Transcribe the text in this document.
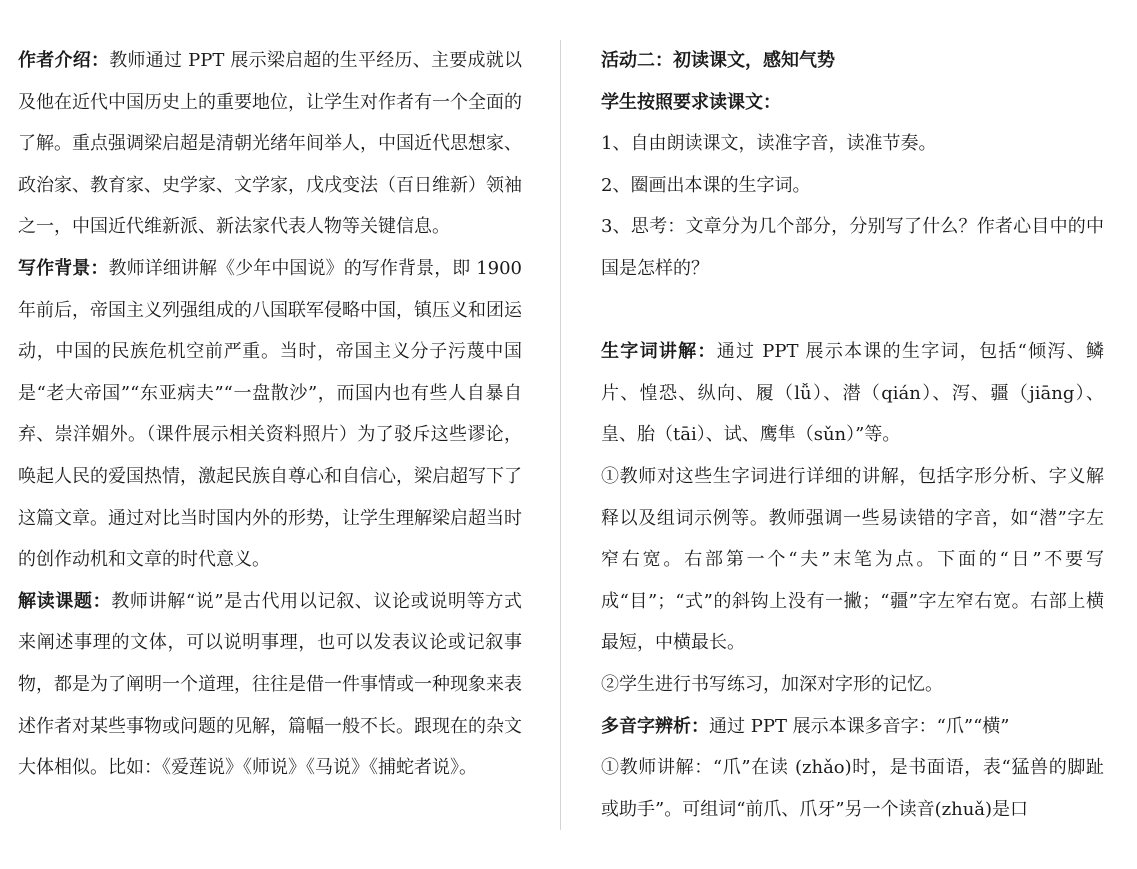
作者介绍：教师通过 PPT 展示梁启超的生平经历、主要成就以及他在近代中国历史上的重要地位，让学生对作者有一个全面的了解。重点强调梁启超是清朝光绪年间举人，中国近代思想家、政治家、教育家、史学家、文学家，戊戌变法（百日维新）领袖之一，中国近代维新派、新法家代表人物等关键信息。

写作背景：教师详细讲解《少年中国说》的写作背景，即 1900 年前后，帝国主义列强组成的八国联军侵略中国，镇压义和团运动，中国的民族危机空前严重。当时，帝国主义分子污蔑中国是“老大帝国”“东亚病夫”“一盘散沙”，而国内也有些人自暴自弃、崇洋媚外。（课件展示相关资料照片）为了驳斥这些谬论，唤起人民的爱国热情，激起民族自尊心和自信心，梁启超写下了这篇文章。通过对比当时国内外的形势，让学生理解梁启超当时的创作动机和文章的时代意义。

解读课题：教师讲解“说”是古代用以记叙、议论或说明等方式来阐述事理的文体，可以说明事理，也可以发表议论或记叙事物，都是为了阐明一个道理，往往是借一件事情或一种现象来表述作者对某些事物或问题的见解，篇幅一般不长。跟现在的杂文大体相似。比如：《爱莲说》《师说》《马说》《捕蛇者说》。

活动二：初读课文，感知气势

学生按照要求读课文：

1、自由朗读课文，读准字音，读准节奏。

2、圈画出本课的生字词。

3、思考：文章分为几个部分，分别写了什么？作者心目中的中国是怎样的？

生字词讲解：通过 PPT 展示本课的生字词，包括“倾泻、鳞片、惶恐、纵向、履（lǚ）、潜（qián）、泻、疆（jiāng）、皇、胎（tāi）、试、鹰隼（sǔn）”等。

①教师对这些生字词进行详细的讲解，包括字形分析、字义解释以及组词示例等。教师强调一些易读错的字音，如“潜”字左窄右宽。右部第一个“夫”末笔为点。下面的“日”不要写成“目”；“式”的斜钩上没有一撇；“疆”字左窄右宽。右部上横最短，中横最长。

②学生进行书写练习，加深对字形的记忆。

多音字辨析：通过 PPT 展示本课多音字：“爪”“横”

①教师讲解：“爪”在读 (zhǎo)时，是书面语，表“猛兽的脚趾或助手”。可组词“前爪、爪牙”另一个读音(zhuǎ)是口
